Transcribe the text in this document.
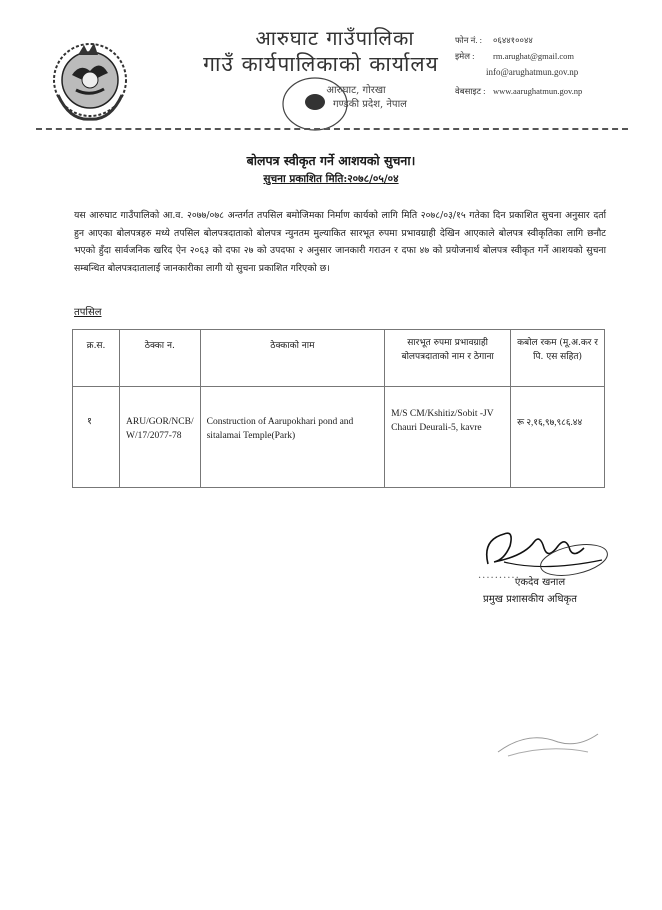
आरुघाट गाउँपालिका
गाउँ कार्यपालिकाको कार्यालय
आरुघाट, गोरखा
गण्डकी प्रदेश, नेपाल
फोन नं. : ०६४४१००४४
इमेल : rm.arughat@gmail.com
info@arughatmun.gov.np
वेबसाइट : www.aarughatmun.gov.np
बोलपत्र स्वीकृत गर्ने आशयको सुचना।
सुचना प्रकाशित मिति:२०७८/०५/०४
यस आरुघाट गाउँपालिको आ.व. २०७७/०७८ अन्तर्गत तपसिल बमोजिमका निर्माण कार्यको लागि मिति २०७८/०३/१५ गतेका दिन प्रकाशित सुचना अनुसार दर्ता हुन आएका बोलपत्रहरु मध्ये तपसिल बोलपत्रदाताको बोलपत्र न्युनतम मुल्याकित सारभूत रुपमा प्रभावग्राही देखिन आएकाले बोलपत्र स्वीकृतिका लागि छनौट भएको हुँदा सार्वजनिक खरिद ऐन २०६३ को दफा २७ को उपदफा २ अनुसार जानकारी गराउन र दफा ४७ को प्रयोजनार्थ बोलपत्र स्वीकृत गर्ने आशयको सुचना सम्बन्धित बोलपत्रदातालाई जानकारीका लागी यो सुचना प्रकाशित गरिएको छ।
तपसिल
क्र.स.	ठेक्का न.	ठेक्काको नाम	सारभूत रुपमा प्रभावग्राही बोलपत्रदाताको नाम र ठेगाना	कबोल रकम (मू.अ.कर र पि. एस सहित)

१	ARU/GOR/NCB/ W/17/2077-78	Construction of Aarupokhari pond and sitalamai Temple(Park)	M/S CM/Kshitiz/Sobit -JV Chauri Deurali-5, kavre	रू २,१६,९७,९८६.४४
..........
एकदेव खनाल
प्रमुख प्रशासकीय अधिकृत
